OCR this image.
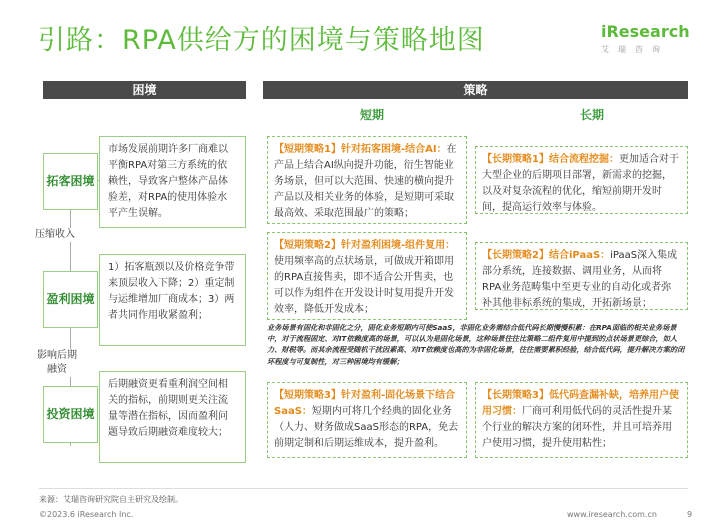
引路：RPA供给方的困境与策略地图	iResearch
艾瑞咨询
困境	策略
拓客困境
市场发展前期许多厂商难以平衡RPA对第三方系统的依赖性，导致客户整体产品体验差，对RPA的使用体验水平产生误解。
压缩收入
盈利困境
1）拓客瓶颈以及价格竞争带来顶层收入下降；2）重定制与运维增加厂商成本；3）两者共同作用收紧盈利；
影响后期融资
投资困境
后期融资更看重利润空间相关的指标，前期则更关注流量等潜在指标，因而盈利问题导致后期融资难度较大；
短期	长期
【短期策略1】针对拓客困境-结合AI：在产品上结合AI纵向提升功能，衍生智能业务场景，但可以大范围、快速的横向提升产品以及相关业务的体验，是短期可采取最高效、采取范围最广的策略；
【长期策略1】结合流程挖掘：更加适合对于大型企业的后期项目部署，新需求的挖掘，以及对复杂流程的优化，缩短前期开发时间，提高运行效率与体验。
【短期策略2】针对盈利困境-组件复用：使用频率高的点状场景，可做成开箱即用的RPA直接售卖，即不适合公开售卖，也可以作为组件在开发设计时复用提升开发效率，降低开发成本；
【长期策略2】结合iPaaS：iPaaS深入集成部分系统，连接数据、调用业务，从而将RPA业务范畴集中至更专业的自动化或者弥补其他非标系统的集成，开拓新场景；
业务场景有固化和非固化之分，固化业务短期内可使SaaS，非固化业务需结合低代码长期慢慢积累：在RPA面临的相关业务场景中，对于流程固定、对IT依赖度高的场景，可以认为是固化场景，这种场景往往比策略二组件复用中提到的点状场景更综合，如人力、财税等。而其余流程受随机干扰因素高、对IT依赖度也高的为非固化场景，往往需要累积经验，结合低代码，提升解决方案的闭环程度与可复制性，对三种困境均有缓解；
【短期策略3】针对盈利-固化场景下结合SaaS：短期内可将几个经典的固化业务（人力、财务做成SaaS形态的RPA，免去前期定制和后期运维成本，提升盈利。
【长期策略3】低代码查漏补缺，培养用户使用习惯：厂商可利用低代码的灵活性提升某个行业的解决方案的闭环性，并且可培养用户使用习惯，提升使用粘性；
来源：艾瑞咨询研究院自主研究及绘制。
©2023.6 iResearch Inc.	www.iresearch.com.cn	9
